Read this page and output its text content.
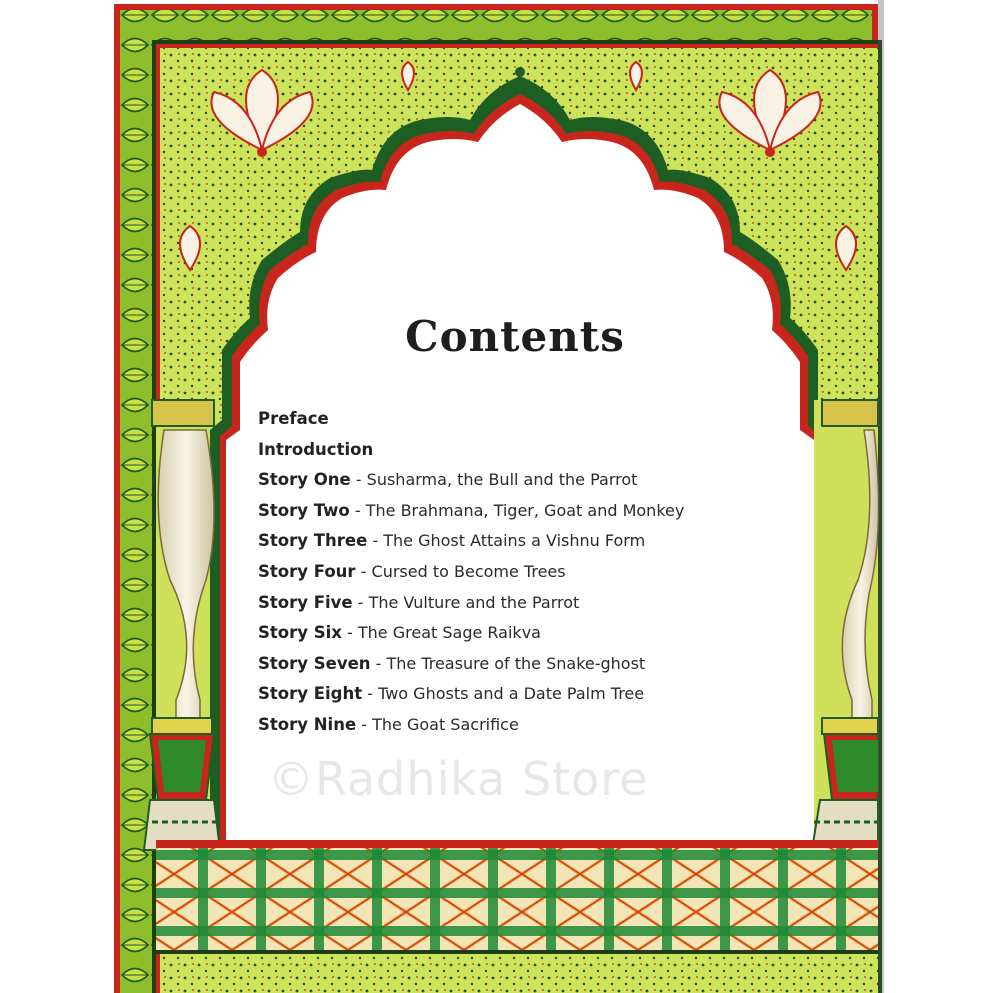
Contents
Preface
Introduction
Story One - Susharma, the Bull and the Parrot
Story Two - The Brahmana, Tiger, Goat and Monkey
Story Three - The Ghost Attains a Vishnu Form
Story Four - Cursed to Become Trees
Story Five - The Vulture and the Parrot
Story Six - The Great Sage Raikva
Story Seven - The Treasure of the Snake-ghost
Story Eight - Two Ghosts and a Date Palm Tree
Story Nine - The Goat Sacrifice
©Radhika Store
